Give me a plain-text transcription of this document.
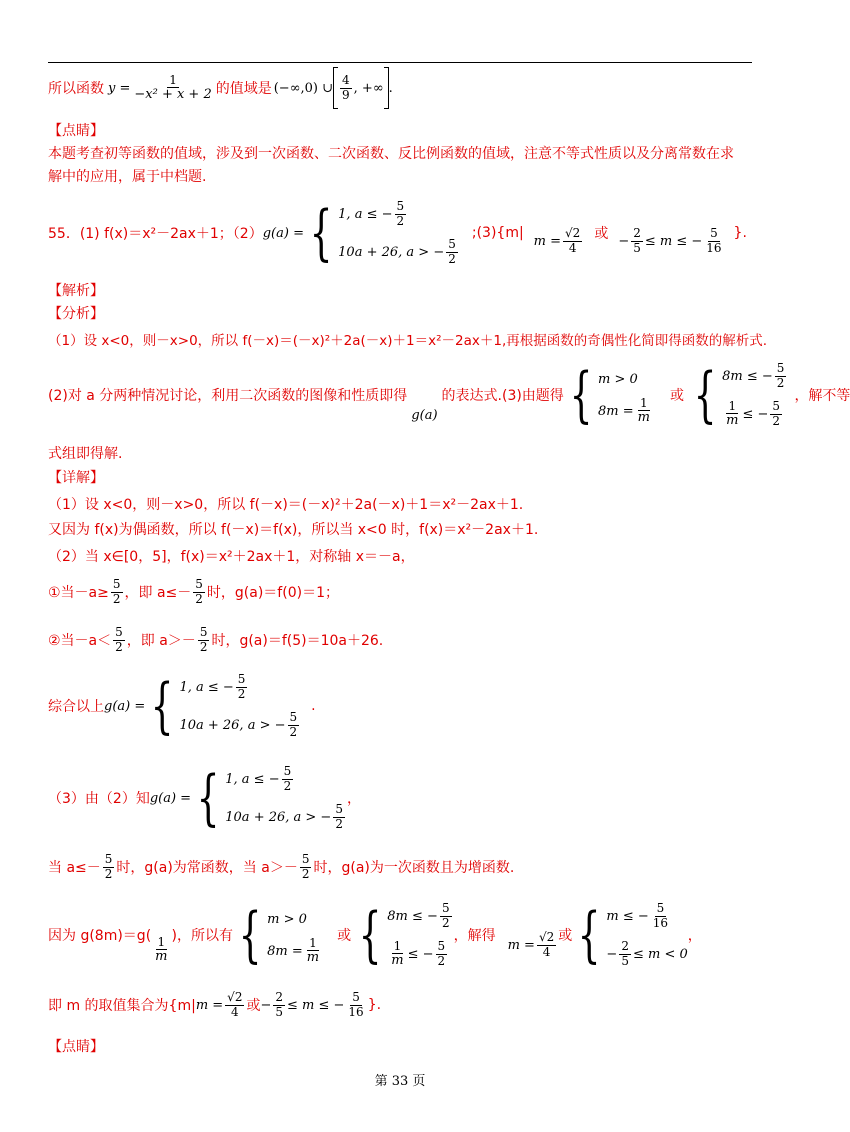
所以函数 $y = \frac{1}{\text{−x² + x + 2}}$ 的值域是 (−∞,0) ∪ $\frac{4}{9}$ , +∞ .
【点睛】
本题考查初等函数的值域，涉及到一次函数、二次函数、反比例函数的值域，注意不等式性质以及分离常数在求
解中的应用，属于中档题.
55．(1) f(x)＝x²－2ax＋1；（2） g(a) = { 1, a ≤ − $\frac{5}{2}$
10a + 26, a > − $\frac{5}{2}$
;(3){m| $m = \frac{√2}{4}$ 或 − $\frac{2}{5} \le m$ ≤ − $\frac{5}{16}$ }.
【解析】
【分析】
（1）设 x<0，则－x>0，所以 f(－x)＝(－x)²＋2a(－x)＋1＝x²－2ax＋1,再根据函数的奇偶性化简即得函数的解析式.
(2)对 a 分两种情况讨论，利用二次函数的图像和性质即得
g(a)
的表达式.(3)由题得 { m > 0
$8m = \frac{1}{m}$
或 { 8m ≤ − $\frac{5}{2}$
$\frac{1}{m}$ ≤ − $\frac{5}{2}$
，解不等
式组即得解.
【详解】
（1）设 x<0，则－x>0，所以 f(－x)＝(－x)²＋2a(－x)＋1＝x²－2ax＋1.
又因为 f(x)为偶函数，所以 f(－x)＝f(x)，所以当 x<0 时，f(x)＝x²－2ax＋1.
（2）当 x∈[0，5]，f(x)＝x²＋2ax＋1，对称轴 x＝－a，
①当$-a\ge \frac{5}{2}$ ，即 $a\le- \frac{5}{2}$ 时，g(a)＝f(0)＝1；
②当$-a< \frac{5}{2}$ ，即 $a>- \frac{5}{2}$ 时，g(a)＝f(5)＝10a＋26.
综合以上 g(a) = { 1, a ≤ − $\frac{5}{2}$
10a + 26, a > − $\frac{5}{2}$
.
（3）由（2）知 g(a) = { 1, a ≤ − $\frac{5}{2}$
10a + 26, a > − $\frac{5}{2}$
，
当 $a\le- \frac{5}{2}$ 时，g(a)为常函数，当 $a>- \frac{5}{2}$ 时，g(a)为一次函数且为增函数.
因为 $g(8m)=g( \frac{1}{m}$ )，所以有 { m > 0
$8m = \frac{1}{m}$
或 { 8m ≤ − $\frac{5}{2}$
$\frac{1}{m}$ ≤ − $\frac{5}{2}$
，解得
$m = \frac{√2}{4}$ 或 { m ≤ − $\frac{5}{16}$
− $\frac{2}{5} \le m < 0$
，
即 m 的取值集合为{m| $m = \frac{√2}{4}$ 或 − $\frac{2}{5} \le m$ ≤ − $\frac{5}{16}$ }.
【点睛】
第 33 页
